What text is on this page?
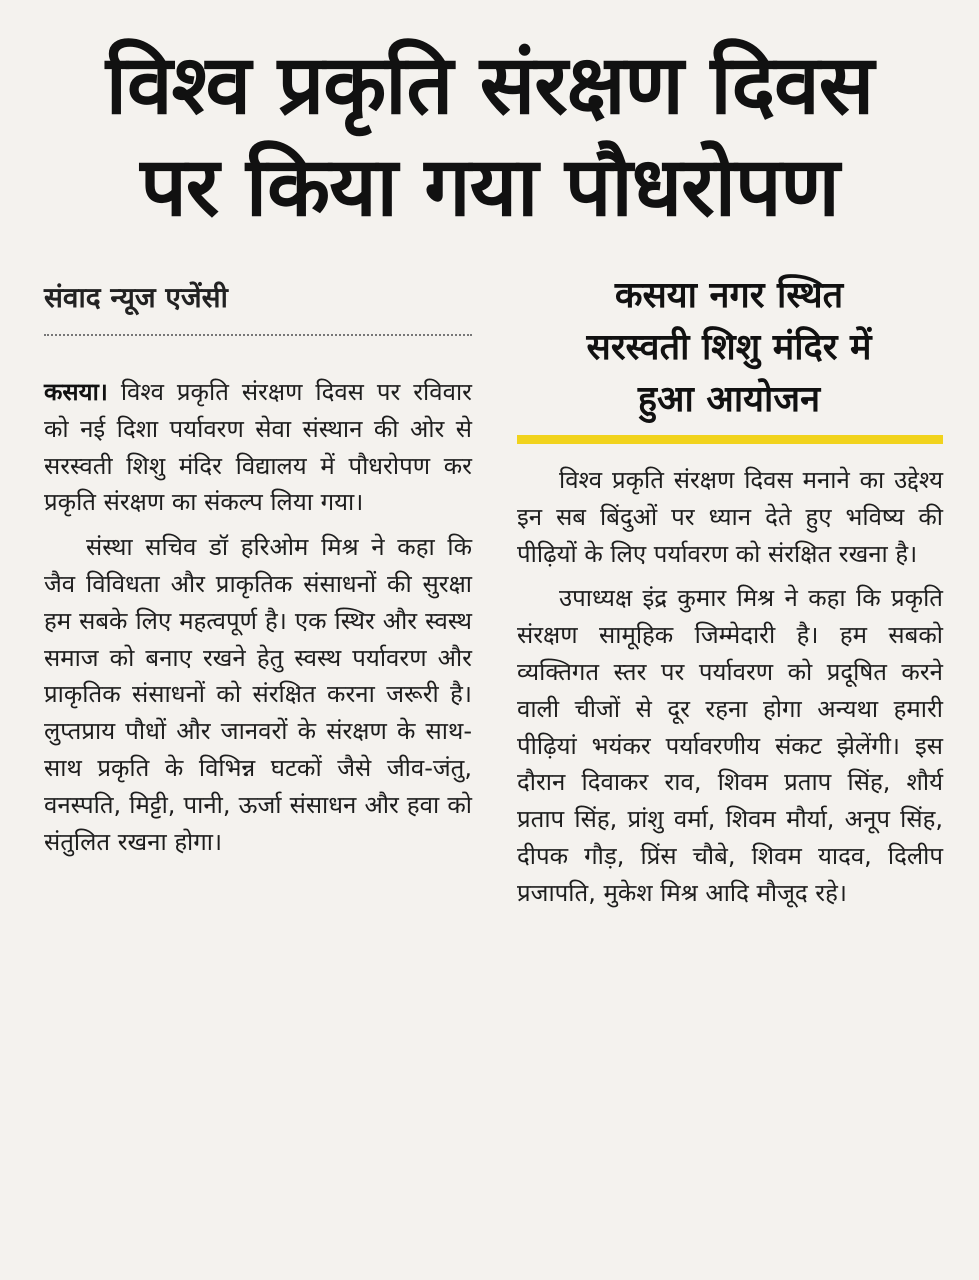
विश्व प्रकृति संरक्षण दिवस
पर किया गया पौधरोपण
संवाद न्यूज एजेंसी	कसया नगर स्थित
सरस्वती शिशु मंदिर में
हुआ आयोजन

कसया। विश्व प्रकृति संरक्षण दिवस पर रविवार को नई दिशा पर्यावरण सेवा संस्थान की ओर से सरस्वती शिशु मंदिर विद्यालय में पौधरोपण कर प्रकृति संरक्षण का संकल्प लिया गया।

संस्था सचिव डॉ हरिओम मिश्र ने कहा कि जैव विविधता और प्राकृतिक संसाधनों की सुरक्षा हम सबके लिए महत्वपूर्ण है। एक स्थिर और स्वस्थ समाज को बनाए रखने हेतु स्वस्थ पर्यावरण और प्राकृतिक संसाधनों को संरक्षित करना जरूरी है। लुप्तप्राय पौधों और जानवरों के संरक्षण के साथ-साथ प्रकृति के विभिन्न घटकों जैसे जीव-जंतु, वनस्पति, मिट्टी, पानी, ऊर्जा संसाधन और हवा को संतुलित रखना होगा।

विश्व प्रकृति संरक्षण दिवस मनाने का उद्देश्य इन सब बिंदुओं पर ध्यान देते हुए भविष्य की पीढ़ियों के लिए पर्यावरण को संरक्षित रखना है।

उपाध्यक्ष इंद्र कुमार मिश्र ने कहा कि प्रकृति संरक्षण सामूहिक जिम्मेदारी है। हम सबको व्यक्तिगत स्तर पर पर्यावरण को प्रदूषित करने वाली चीजों से दूर रहना होगा अन्यथा हमारी पीढ़ियां भयंकर पर्यावरणीय संकट झेलेंगी। इस दौरान दिवाकर राव, शिवम प्रताप सिंह, शौर्य प्रताप सिंह, प्रांशु वर्मा, शिवम मौर्या, अनूप सिंह, दीपक गौड़, प्रिंस चौबे, शिवम यादव, दिलीप प्रजापति, मुकेश मिश्र आदि मौजूद रहे।
